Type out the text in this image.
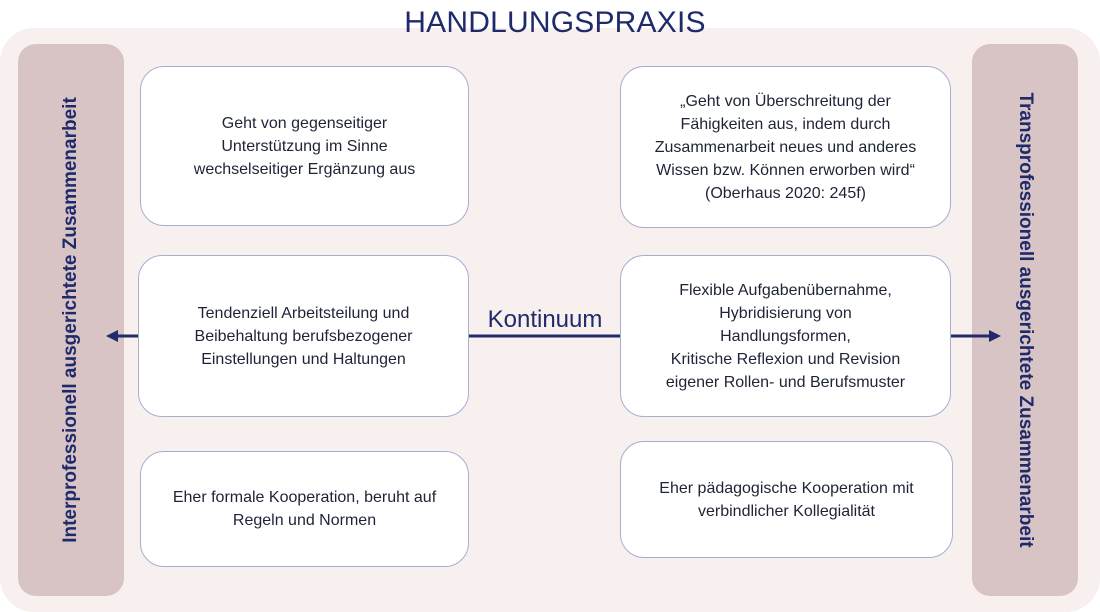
HANDLUNGSPRAXIS
Interprofessionell ausgerichtete Zusammenarbeit	Transprofessionell ausgerichtete Zusammenarbeit
Kontinuum
Geht von gegenseitiger
Unterstützung im Sinne
wechselseitiger Ergänzung aus
Tendenziell Arbeitsteilung und
Beibehaltung berufsbezogener
Einstellungen und Haltungen
Eher formale Kooperation, beruht auf
Regeln und Normen
„Geht von Überschreitung der
Fähigkeiten aus, indem durch
Zusammenarbeit neues und anderes
Wissen bzw. Können erworben wird“
(Oberhaus 2020: 245f)
Flexible Aufgabenübernahme,
Hybridisierung von
Handlungsformen,
Kritische Reflexion und Revision
eigener Rollen- und Berufsmuster
Eher pädagogische Kooperation mit
verbindlicher Kollegialität
